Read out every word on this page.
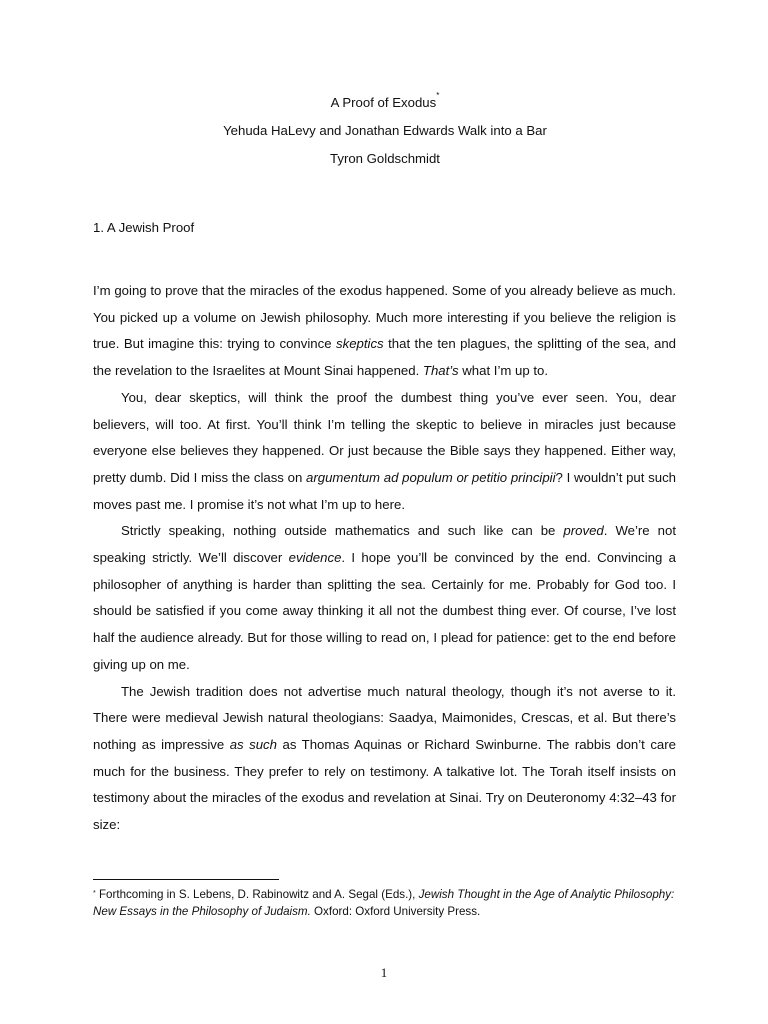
A Proof of Exodus*
Yehuda HaLevy and Jonathan Edwards Walk into a Bar
Tyron Goldschmidt
1. A Jewish Proof

I’m going to prove that the miracles of the exodus happened. Some of you already believe as much. You picked up a volume on Jewish philosophy. Much more interesting if you believe the religion is true. But imagine this: trying to convince skeptics that the ten plagues, the splitting of the sea, and the revelation to the Israelites at Mount Sinai happened. That’s what I’m up to.

You, dear skeptics, will think the proof the dumbest thing you’ve ever seen. You, dear believers, will too. At first. You’ll think I’m telling the skeptic to believe in miracles just because everyone else believes they happened. Or just because the Bible says they happened. Either way, pretty dumb. Did I miss the class on argumentum ad populum or petitio principii? I wouldn’t put such moves past me. I promise it’s not what I’m up to here.

Strictly speaking, nothing outside mathematics and such like can be proved. We’re not speaking strictly. We’ll discover evidence. I hope you’ll be convinced by the end. Convincing a philosopher of anything is harder than splitting the sea. Certainly for me. Probably for God too. I should be satisfied if you come away thinking it all not the dumbest thing ever. Of course, I’ve lost half the audience already. But for those willing to read on, I plead for patience: get to the end before giving up on me.

The Jewish tradition does not advertise much natural theology, though it’s not averse to it. There were medieval Jewish natural theologians: Saadya, Maimonides, Crescas, et al. But there’s nothing as impressive as such as Thomas Aquinas or Richard Swinburne. The rabbis don’t care much for the business. They prefer to rely on testimony. A talkative lot. The Torah itself insists on testimony about the miracles of the exodus and revelation at Sinai. Try on Deuteronomy 4:32–43 for size:

* Forthcoming in S. Lebens, D. Rabinowitz and A. Segal (Eds.), Jewish Thought in the Age of Analytic Philosophy: New Essays in the Philosophy of Judaism. Oxford: Oxford University Press.
1
